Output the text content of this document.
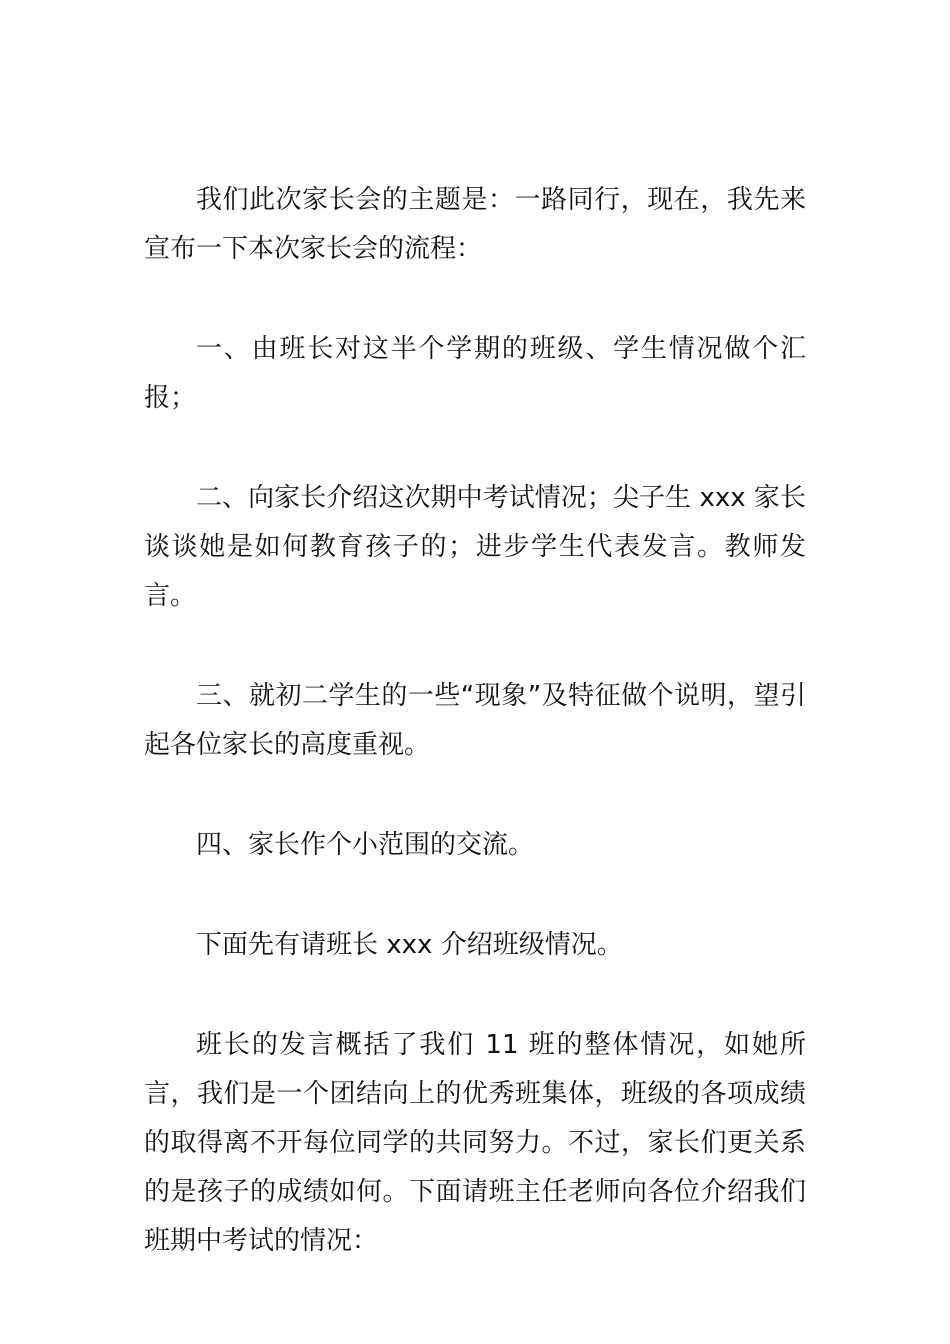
我们此次家长会的主题是：一路同行，现在，我先来宣布一下本次家长会的流程：

一、由班长对这半个学期的班级、学生情况做个汇报；

二、向家长介绍这次期中考试情况；尖子生 xxx 家长谈谈她是如何教育孩子的；进步学生代表发言。教师发言。

三、就初二学生的一些“现象”及特征做个说明，望引起各位家长的高度重视。

四、家长作个小范围的交流。

下面先有请班长 xxx 介绍班级情况。

班长的发言概括了我们 11 班的整体情况，如她所言，我们是一个团结向上的优秀班集体，班级的各项成绩的取得离不开每位同学的共同努力。不过，家长们更关系的是孩子的成绩如何。下面请班主任老师向各位介绍我们班期中考试的情况：
